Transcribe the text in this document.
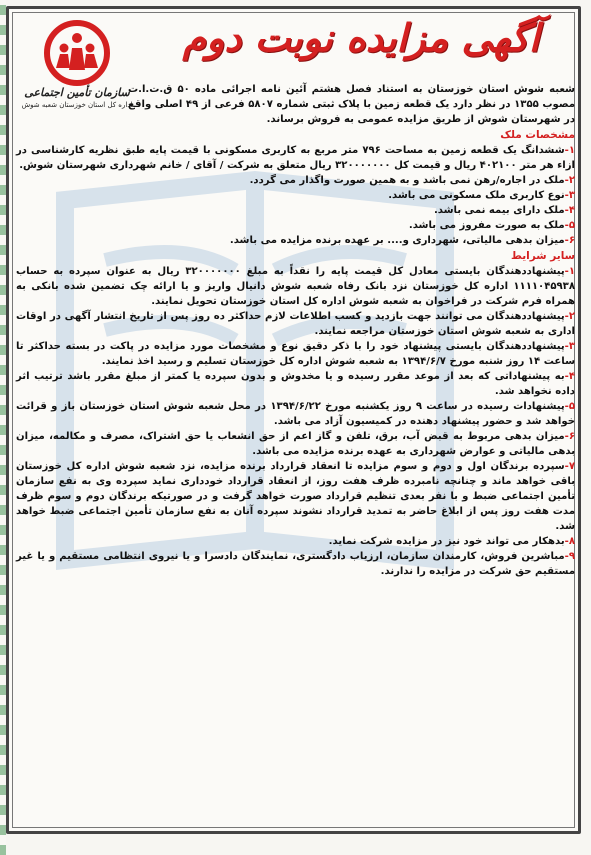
آگهی مزایده نوبت دوم
سازمان تأمین اجتماعی
اداره کل استان خوزستان شعبه شوش

شعبه شوش استان خوزستان به استناد فصل هشتم آئین نامه اجرائی ماده ۵۰ ق.ت.ا.ت مصوب ۱۳۵۵ در نظر دارد یک قطعه زمین با پلاک ثبتی شماره ۵۸۰۷ فرعی از ۴۹ اصلی واقع در شهرستان شوش از طریق مزایده عمومی به فروش برساند.

مشخصات ملک

۱-ششدانگ یک قطعه زمین به مساحت ۷۹۶ متر مربع به کاربری مسکونی با قیمت پایه طبق نظریه کارشناسی در ازاء هر متر ۴۰۲۱۰۰ ریال و قیمت کل ۳۲۰۰۰۰۰۰۰ ریال متعلق به شرکت / آقای / خانم شهرداری شهرستان شوش.

۲-ملک در اجاره/رهن نمی باشد و به همین صورت واگذار می گردد.

۳-نوع کاربری ملک مسکونی می باشد.

۴-ملک دارای بیمه نمی باشد.

۵-ملک به صورت مفروز می باشد.

۶-میزان بدهی مالیاتی، شهرداری و.... بر عهده برنده مزایده می باشد.

سایر شرایط

۱-پیشنهاددهندگان بایستی معادل کل قیمت پایه را نقداً به مبلغ ۳۲۰۰۰۰۰۰۰ ریال به عنوان سپرده به حساب ۱۱۱۱۰۴۵۹۳۸ اداره کل خوزستان نزد بانک رفاه شعبه شوش دانیال واریز و یا ارائه چک تضمین شده بانکی به همراه فرم شرکت در فراخوان به شعبه شوش اداره کل استان خوزستان تحویل نمایند.

۲-پیشنهاددهندگان می توانند جهت بازدید و کسب اطلاعات لازم حداکثر ده روز پس از تاریخ انتشار آگهی در اوقات اداری به شعبه شوش استان خوزستان مراجعه نمایند.

۳-پیشنهاددهندگان بایستی پیشنهاد خود را با ذکر دقیق نوع و مشخصات مورد مزایده در پاکت در بسته حداکثر تا ساعت ۱۴ روز شنبه مورخ ۱۳۹۴/۶/۷ به شعبه شوش اداره کل خوزستان تسلیم و رسید اخذ نمایند.

۴-به پیشنهاداتی که بعد از موعد مقرر رسیده و یا مخدوش و بدون سپرده یا کمتر از مبلغ مقرر باشد ترتیب اثر داده نخواهد شد.

۵-پیشنهادات رسیده در ساعت ۹ روز یکشنبه مورخ ۱۳۹۴/۶/۲۲ در محل شعبه شوش استان خوزستان باز و قرائت خواهد شد و حضور پیشنهاد دهنده در کمیسیون آزاد می باشد.

۶-میزان بدهی مربوط به قبض آب، برق، تلفن و گاز اعم از حق انشعاب یا حق اشتراک، مصرف و مکالمه، میزان بدهی مالیاتی و عوارض شهرداری به عهده برنده مزایده می باشد.

۷-سپرده برندگان اول و دوم و سوم مزایده تا انعقاد قرارداد برنده مزایده، نزد شعبه شوش اداره کل خوزستان باقی خواهد ماند و چنانچه نامبرده ظرف هفت روز، از انعقاد قرارداد خودداری نماید سپرده وی به نفع سازمان تأمین اجتماعی ضبط و با نفر بعدی تنظیم قرارداد صورت خواهد گرفت و در صورتیکه برندگان دوم و سوم ظرف مدت هفت روز پس از ابلاغ حاضر به تمدید قرارداد نشوند سپرده آنان به نفع سازمان تأمین اجتماعی ضبط خواهد شد.

۸-بدهکار می تواند خود نیز در مزایده شرکت نماید.

۹-مباشرین فروش، کارمندان سازمان، ارزیاب دادگستری، نمایندگان دادسرا و یا نیروی انتظامی مستقیم و یا غیر مستقیم حق شرکت در مزایده را ندارند.
